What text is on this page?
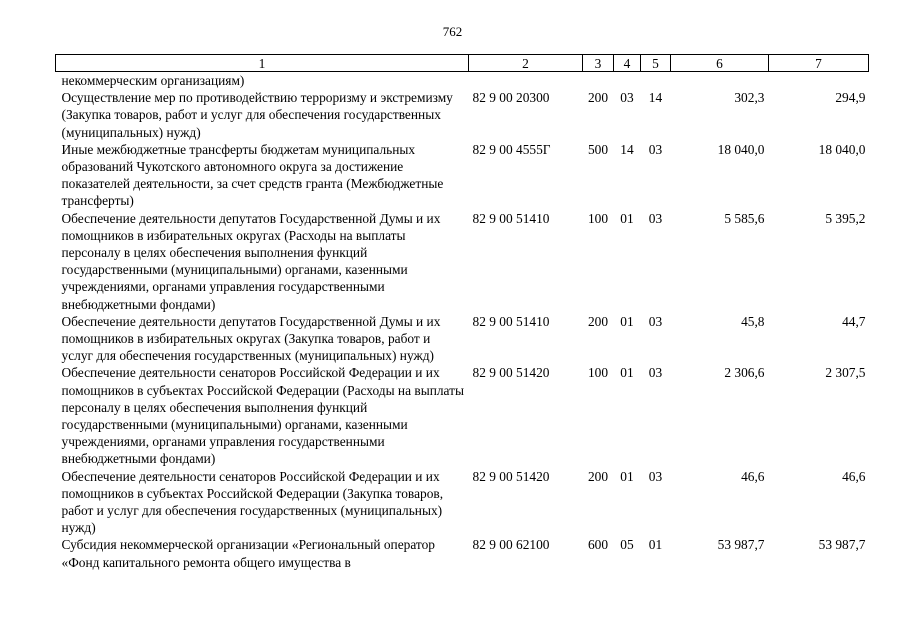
762
1	2	3	4	5	6	7
некоммерческим организациям)						
Осуществление мер по противодействию терроризму и экстремизму (Закупка товаров, работ и услуг для обеспечения государственных (муниципальных) нужд)	82 9 00 20300	200	03	14	302,3	294,9
Иные межбюджетные трансферты бюджетам муниципальных образований Чукотского автономного округа за достижение показателей деятельности, за счет средств гранта (Межбюджетные трансферты)	82 9 00 4555Г	500	14	03	18 040,0	18 040,0
Обеспечение деятельности депутатов Государственной Думы и их помощников в избирательных округах (Расходы на выплаты персоналу в целях обеспечения выполнения функций государственными (муниципальными) органами, казенными учреждениями, органами управления государственными внебюджетными фондами)	82 9 00 51410	100	01	03	5 585,6	5 395,2
Обеспечение деятельности депутатов Государственной Думы и их помощников в избирательных округах (Закупка товаров, работ и услуг для обеспечения государственных (муниципальных) нужд)	82 9 00 51410	200	01	03	45,8	44,7
Обеспечение деятельности сенаторов Российской Федерации и их помощников в субъектах Российской Федерации (Расходы на выплаты персоналу в целях обеспечения выполнения функций государственными (муниципальными) органами, казенными учреждениями, органами управления государственными внебюджетными фондами)	82 9 00 51420	100	01	03	2 306,6	2 307,5
Обеспечение деятельности сенаторов Российской Федерации и их помощников в субъектах Российской Федерации (Закупка товаров, работ и услуг для обеспечения государственных (муниципальных) нужд)	82 9 00 51420	200	01	03	46,6	46,6
Субсидия некоммерческой организации «Региональный оператор «Фонд капитального ремонта общего имущества в	82 9 00 62100	600	05	01	53 987,7	53 987,7
